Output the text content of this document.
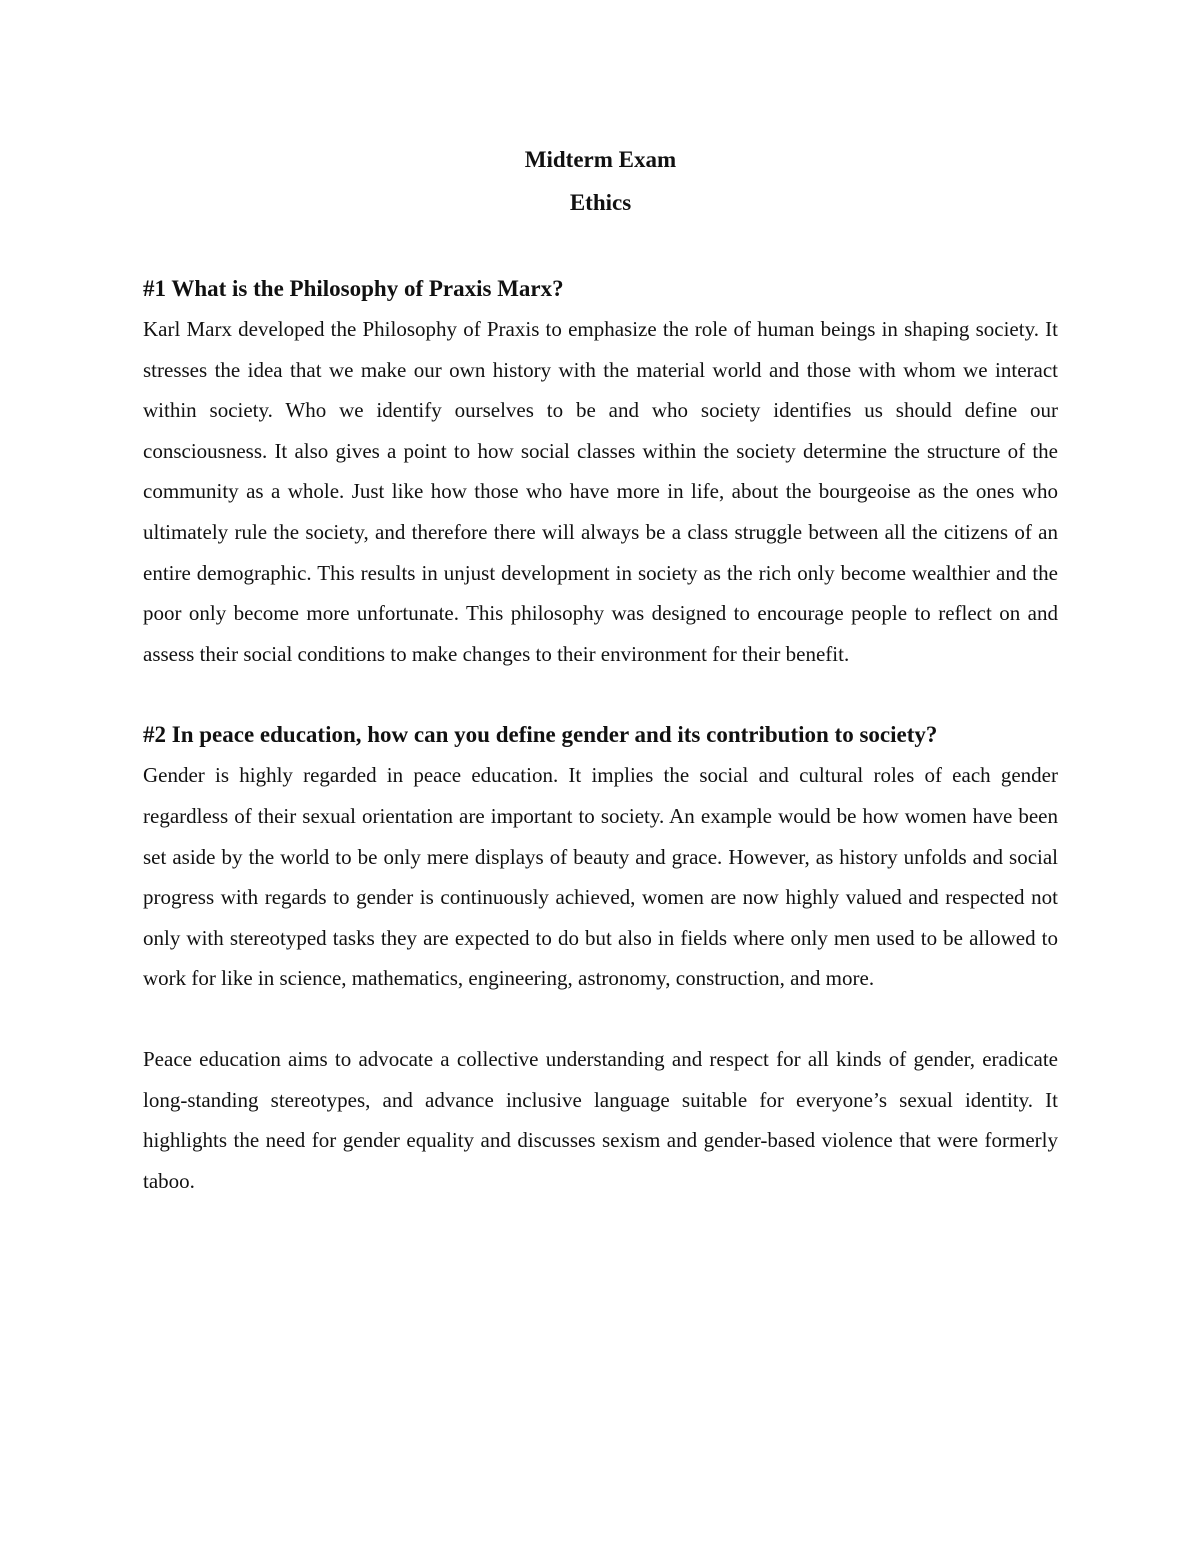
Midterm Exam

Ethics

#1 What is the Philosophy of Praxis Marx?

Karl Marx developed the Philosophy of Praxis to emphasize the role of human beings in shaping society. It stresses the idea that we make our own history with the material world and those with whom we interact within society. Who we identify ourselves to be and who society identifies us should define our consciousness. It also gives a point to how social classes within the society determine the structure of the community as a whole. Just like how those who have more in life, about the bourgeoise as the ones who ultimately rule the society, and therefore there will always be a class struggle between all the citizens of an entire demographic. This results in unjust development in society as the rich only become wealthier and the poor only become more unfortunate. This philosophy was designed to encourage people to reflect on and assess their social conditions to make changes to their environment for their benefit.

#2 In peace education, how can you define gender and its contribution to society?

Gender is highly regarded in peace education. It implies the social and cultural roles of each gender regardless of their sexual orientation are important to society. An example would be how women have been set aside by the world to be only mere displays of beauty and grace. However, as history unfolds and social progress with regards to gender is continuously achieved, women are now highly valued and respected not only with stereotyped tasks they are expected to do but also in fields where only men used to be allowed to work for like in science, mathematics, engineering, astronomy, construction, and more.

Peace education aims to advocate a collective understanding and respect for all kinds of gender, eradicate long-standing stereotypes, and advance inclusive language suitable for everyone’s sexual identity. It highlights the need for gender equality and discusses sexism and gender-based violence that were formerly taboo.
